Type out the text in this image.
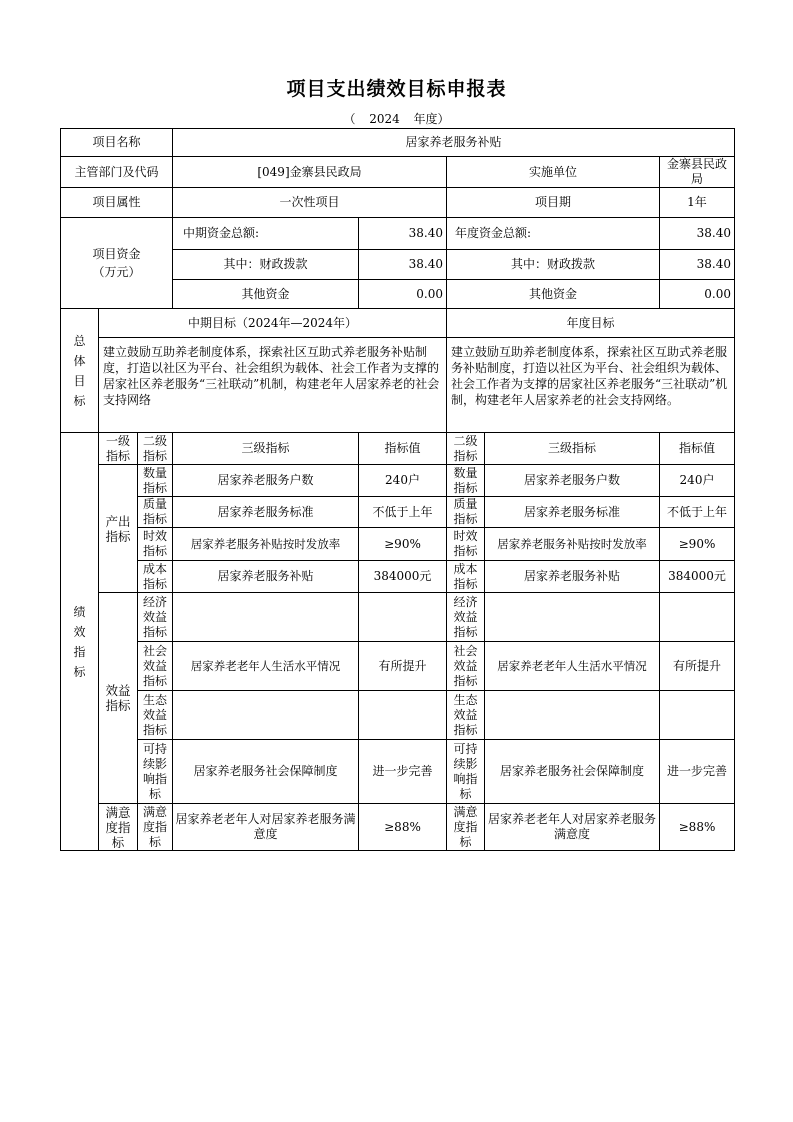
项目支出绩效目标申报表
（ 2024 年度）
项目名称			居家养老服务补贴				
主管部门及代码			[049]金寨县民政局		实施单位		金寨县民政局
项目属性			一次性项目		项目期		1年
项目资金（万元）			中期资金总额:	38.40	年度资金总额:		38.40
			其中：财政拨款	38.40	其中：财政拨款		38.40
			其他资金	0.00	其他资金		0.00
总体目标	中期目标（2024年—2024年）				年度目标		
	建立鼓励互助养老制度体系，探索社区互助式养老服务补贴制度，打造以社区为平台、社会组织为载体、社会工作者为支撑的居家社区养老服务“三社联动”机制，构建老年人居家养老的社会支持网络				建立鼓励互助养老制度体系，探索社区互助式养老服务补贴制度，打造以社区为平台、社会组织为载体、社会工作者为支撑的居家社区养老服务“三社联动”机制，构建老年人居家养老的社会支持网络。		
绩效指标	一级指标	二级指标	三级指标	指标值	二级指标	三级指标	指标值
	产出指标	数量指标	居家养老服务户数	240户	数量指标	居家养老服务户数	240户
		质量指标	居家养老服务标准	不低于上年	质量指标	居家养老服务标准	不低于上年
		时效指标	居家养老服务补贴按时发放率	≥90%	时效指标	居家养老服务补贴按时发放率	≥90%
		成本指标	居家养老服务补贴	384000元	成本指标	居家养老服务补贴	384000元
	效益指标	经济效益指标			经济效益指标		
		社会效益指标	居家养老老年人生活水平情况	有所提升	社会效益指标	居家养老老年人生活水平情况	有所提升
		生态效益指标			生态效益指标		
		可持续影响指标	居家养老服务社会保障制度	进一步完善	可持续影响指标	居家养老服务社会保障制度	进一步完善
	满意度指标	满意度指标	居家养老老年人对居家养老服务满意度	≥88%	满意度指标	居家养老老年人对居家养老服务满意度	≥88%
